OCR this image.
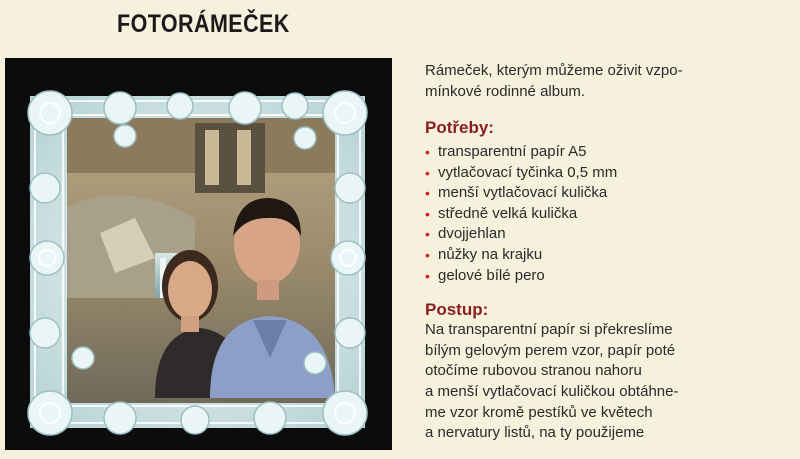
FOTORÁMEČEK

Rámeček, kterým můžeme oživit vzpo-
mínkové rodinné album.

Potřeby:
• transparentní papír A5
• vytlačovací tyčinka 0,5 mm
• menší vytlačovací kulička
• středně velká kulička
• dvojjehlan
• nůžky na krajku
• gelové bílé pero
Postup:
Na transparentní papír si překreslíme
bílým gelovým perem vzor, papír poté
otočíme rubovou stranou nahoru
a menší vytlačovací kuličkou obtáhne-
me vzor kromě pestíků ve květech
a nervatury listů, na ty použijeme
